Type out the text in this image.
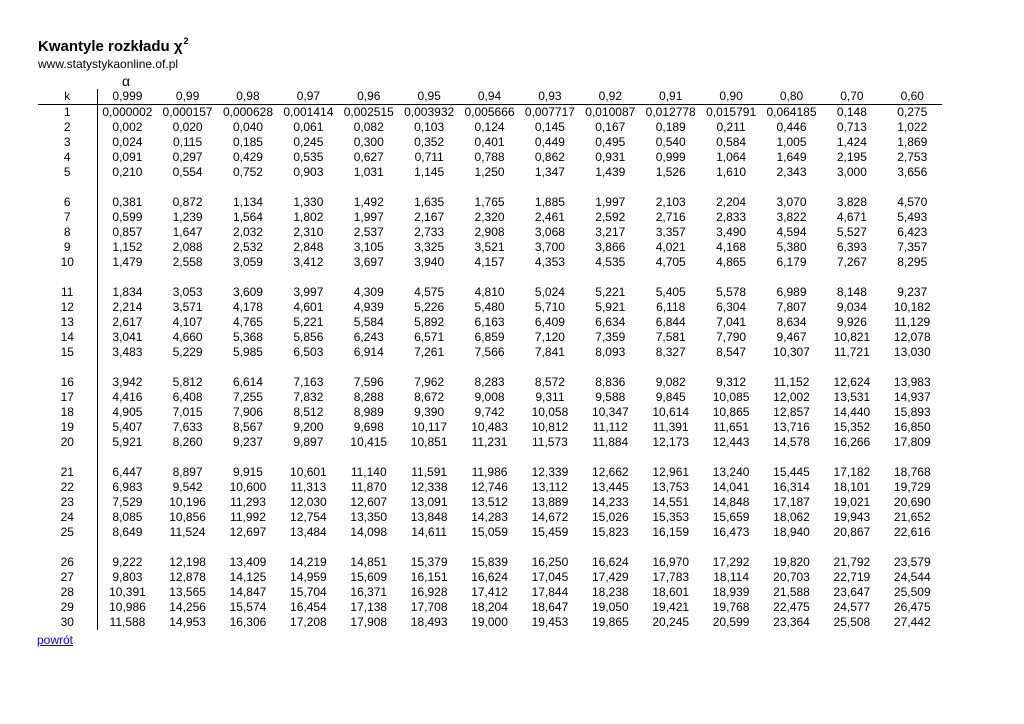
Kwantyle rozkładu $\chi^2$
www.statystykaonline.of.pl
α
k	0,999	0,99	0,98	0,97	0,96	0,95	0,94	0,93	0,92	0,91	0,90	0,80	0,70	0,60
1	0,000002	0,000157	0,000628	0,001414	0,002515	0,003932	0,005666	0,007717	0,010087	0,012778	0,015791	0,064185	0,148	0,275
2	0,002	0,020	0,040	0,061	0,082	0,103	0,124	0,145	0,167	0,189	0,211	0,446	0,713	1,022
3	0,024	0,115	0,185	0,245	0,300	0,352	0,401	0,449	0,495	0,540	0,584	1,005	1,424	1,869
4	0,091	0,297	0,429	0,535	0,627	0,711	0,788	0,862	0,931	0,999	1,064	1,649	2,195	2,753
5	0,210	0,554	0,752	0,903	1,031	1,145	1,250	1,347	1,439	1,526	1,610	2,343	3,000	3,656

6	0,381	0,872	1,134	1,330	1,492	1,635	1,765	1,885	1,997	2,103	2,204	3,070	3,828	4,570
7	0,599	1,239	1,564	1,802	1,997	2,167	2,320	2,461	2,592	2,716	2,833	3,822	4,671	5,493
8	0,857	1,647	2,032	2,310	2,537	2,733	2,908	3,068	3,217	3,357	3,490	4,594	5,527	6,423
9	1,152	2,088	2,532	2,848	3,105	3,325	3,521	3,700	3,866	4,021	4,168	5,380	6,393	7,357
10	1,479	2,558	3,059	3,412	3,697	3,940	4,157	4,353	4,535	4,705	4,865	6,179	7,267	8,295

11	1,834	3,053	3,609	3,997	4,309	4,575	4,810	5,024	5,221	5,405	5,578	6,989	8,148	9,237
12	2,214	3,571	4,178	4,601	4,939	5,226	5,480	5,710	5,921	6,118	6,304	7,807	9,034	10,182
13	2,617	4,107	4,765	5,221	5,584	5,892	6,163	6,409	6,634	6,844	7,041	8,634	9,926	11,129
14	3,041	4,660	5,368	5,856	6,243	6,571	6,859	7,120	7,359	7,581	7,790	9,467	10,821	12,078
15	3,483	5,229	5,985	6,503	6,914	7,261	7,566	7,841	8,093	8,327	8,547	10,307	11,721	13,030

16	3,942	5,812	6,614	7,163	7,596	7,962	8,283	8,572	8,836	9,082	9,312	11,152	12,624	13,983
17	4,416	6,408	7,255	7,832	8,288	8,672	9,008	9,311	9,588	9,845	10,085	12,002	13,531	14,937
18	4,905	7,015	7,906	8,512	8,989	9,390	9,742	10,058	10,347	10,614	10,865	12,857	14,440	15,893
19	5,407	7,633	8,567	9,200	9,698	10,117	10,483	10,812	11,112	11,391	11,651	13,716	15,352	16,850
20	5,921	8,260	9,237	9,897	10,415	10,851	11,231	11,573	11,884	12,173	12,443	14,578	16,266	17,809

21	6,447	8,897	9,915	10,601	11,140	11,591	11,986	12,339	12,662	12,961	13,240	15,445	17,182	18,768
22	6,983	9,542	10,600	11,313	11,870	12,338	12,746	13,112	13,445	13,753	14,041	16,314	18,101	19,729
23	7,529	10,196	11,293	12,030	12,607	13,091	13,512	13,889	14,233	14,551	14,848	17,187	19,021	20,690
24	8,085	10,856	11,992	12,754	13,350	13,848	14,283	14,672	15,026	15,353	15,659	18,062	19,943	21,652
25	8,649	11,524	12,697	13,484	14,098	14,611	15,059	15,459	15,823	16,159	16,473	18,940	20,867	22,616

26	9,222	12,198	13,409	14,219	14,851	15,379	15,839	16,250	16,624	16,970	17,292	19,820	21,792	23,579
27	9,803	12,878	14,125	14,959	15,609	16,151	16,624	17,045	17,429	17,783	18,114	20,703	22,719	24,544
28	10,391	13,565	14,847	15,704	16,371	16,928	17,412	17,844	18,238	18,601	18,939	21,588	23,647	25,509
29	10,986	14,256	15,574	16,454	17,138	17,708	18,204	18,647	19,050	19,421	19,768	22,475	24,577	26,475
30	11,588	14,953	16,306	17,208	17,908	18,493	19,000	19,453	19,865	20,245	20,599	23,364	25,508	27,442
powrót
